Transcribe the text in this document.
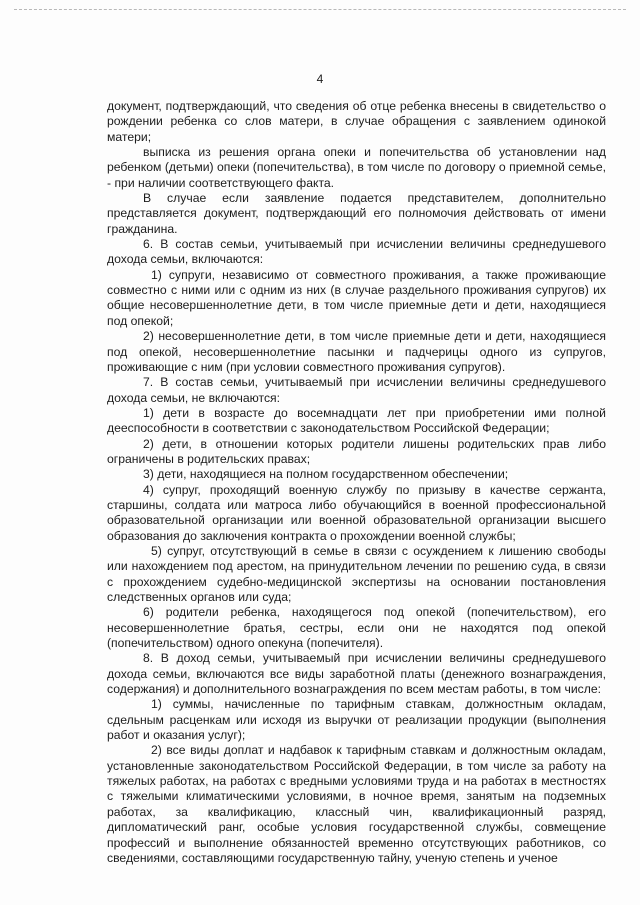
4

документ, подтверждающий, что сведения об отце ребенка внесены в свидетельство о рождении ребенка со слов матери, в случае обращения с заявлением одинокой матери;

выписка из решения органа опеки и попечительства об установлении над ребенком (детьми) опеки (попечительства), в том числе по договору о приемной семье, - при наличии соответствующего факта.

В случае если заявление подается представителем, дополнительно представляется документ, подтверждающий его полномочия действовать от имени гражданина.

6. В состав семьи, учитываемый при исчислении величины среднедушевого дохода семьи, включаются:

1) супруги, независимо от совместного проживания, а также проживающие совместно с ними или с одним из них (в случае раздельного проживания супругов) их общие несовершеннолетние дети, в том числе приемные дети и дети, находящиеся под опекой;

2) несовершеннолетние дети, в том числе приемные дети и дети, находящиеся под опекой, несовершеннолетние пасынки и падчерицы одного из супругов, проживающие с ним (при условии совместного проживания супругов).

7. В состав семьи, учитываемый при исчислении величины среднедушевого дохода семьи, не включаются:

1) дети в возрасте до восемнадцати лет при приобретении ими полной дееспособности в соответствии с законодательством Российской Федерации;

2) дети, в отношении которых родители лишены родительских прав либо ограничены в родительских правах;

3) дети, находящиеся на полном государственном обеспечении;

4) супруг, проходящий военную службу по призыву в качестве сержанта, старшины, солдата или матроса либо обучающийся в военной профессиональной образовательной организации или военной образовательной организации высшего образования до заключения контракта о прохождении военной службы;

5) супруг, отсутствующий в семье в связи с осуждением к лишению свободы или нахождением под арестом, на принудительном лечении по решению суда, в связи с прохождением судебно-медицинской экспертизы на основании постановления следственных органов или суда;

6) родители ребенка, находящегося под опекой (попечительством), его несовершеннолетние братья, сестры, если они не находятся под опекой (попечительством) одного опекуна (попечителя).

8. В доход семьи, учитываемый при исчислении величины среднедушевого дохода семьи, включаются все виды заработной платы (денежного вознаграждения, содержания) и дополнительного вознаграждения по всем местам работы, в том числе:

1) суммы, начисленные по тарифным ставкам, должностным окладам, сдельным расценкам или исходя из выручки от реализации продукции (выполнения работ и оказания услуг);

2) все виды доплат и надбавок к тарифным ставкам и должностным окладам, установленные законодательством Российской Федерации, в том числе за работу на тяжелых работах, на работах с вредными условиями труда и на работах в местностях с тяжелыми климатическими условиями, в ночное время, занятым на подземных работах, за квалификацию, классный чин, квалификационный разряд, дипломатический ранг, особые условия государственной службы, совмещение профессий и выполнение обязанностей временно отсутствующих работников, со сведениями, составляющими государственную тайну, ученую степень и ученое
